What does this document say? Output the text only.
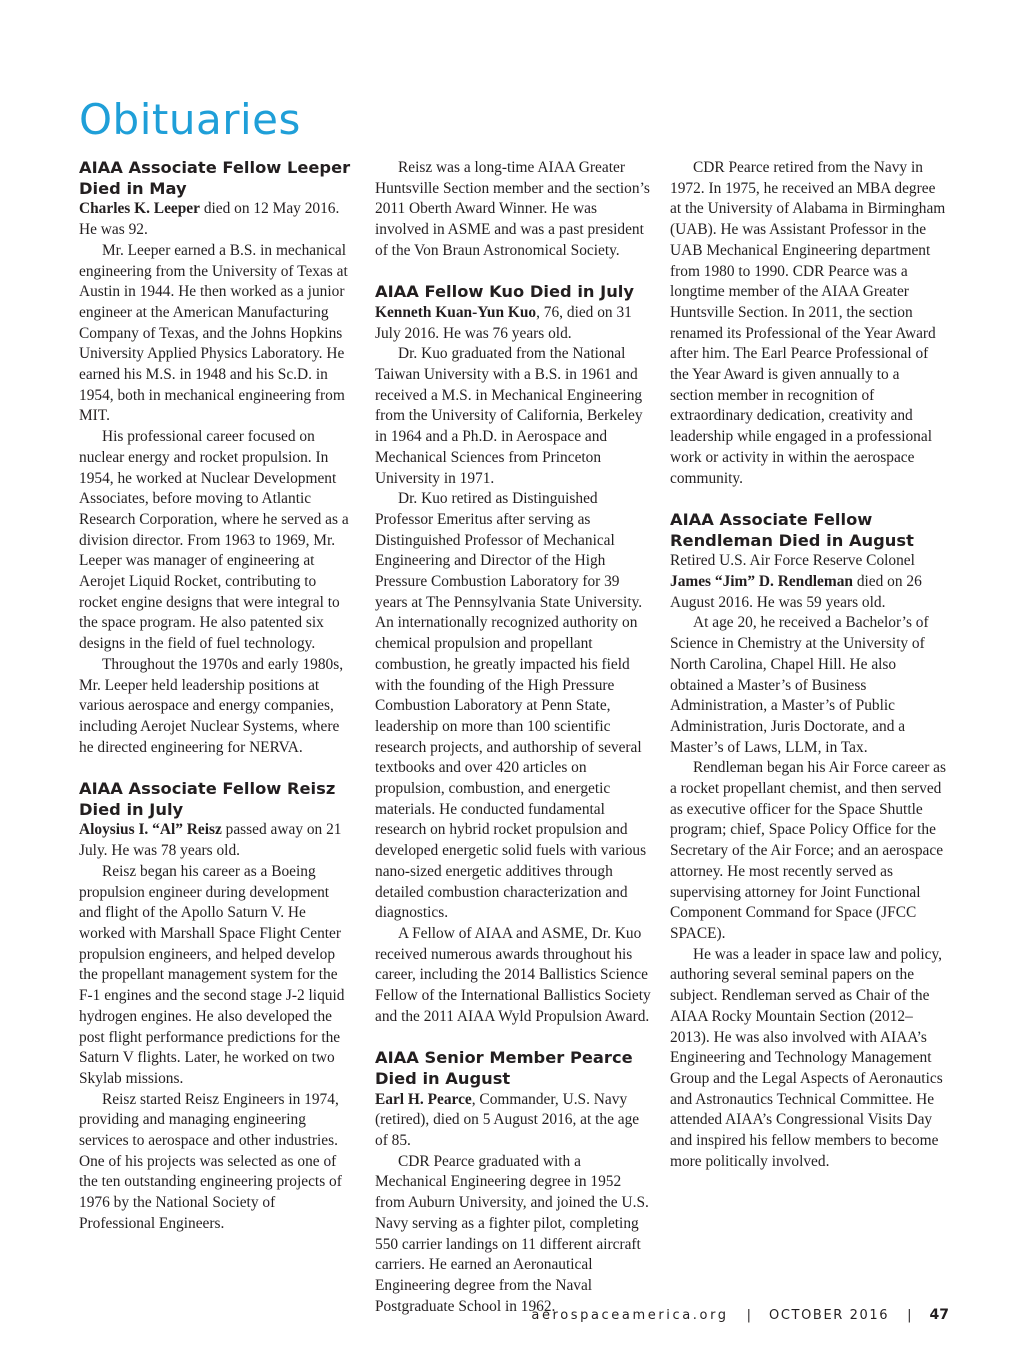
Obituaries
AIAA Associate Fellow Leeper Died in May

Charles K. Leeper died on 12 May 2016. He was 92.

Mr. Leeper earned a B.S. in mechanical engineering from the University of Texas at Austin in 1944. He then worked as a junior engineer at the American Manufacturing Company of Texas, and the Johns Hopkins University Applied Physics Laboratory. He earned his M.S. in 1948 and his Sc.D. in 1954, both in mechanical engineering from MIT.

His professional career focused on nuclear energy and rocket propulsion. In 1954, he worked at Nuclear Development Associates, before moving to Atlantic Research Corporation, where he served as a division director. From 1963 to 1969, Mr. Leeper was manager of engineering at Aerojet Liquid Rocket, contributing to rocket engine designs that were integral to the space program. He also patented six designs in the field of fuel technology.

Throughout the 1970s and early 1980s, Mr. Leeper held leadership positions at various aerospace and energy companies, including Aerojet Nuclear Systems, where he directed engineering for NERVA.

AIAA Associate Fellow Reisz Died in July

Aloysius I. “Al” Reisz passed away on 21 July. He was 78 years old.

Reisz began his career as a Boeing propulsion engineer during development and flight of the Apollo Saturn V. He worked with Marshall Space Flight Center propulsion engineers, and helped develop the propellant management system for the F-1 engines and the second stage J-2 liquid hydrogen engines. He also developed the post flight performance predictions for the Saturn V flights. Later, he worked on two Skylab missions.

Reisz started Reisz Engineers in 1974, providing and managing engineering services to aerospace and other industries. One of his projects was selected as one of the ten outstanding engineering projects of 1976 by the National Society of Professional Engineers.

Reisz was a long-time AIAA Greater Huntsville Section member and the section’s 2011 Oberth Award Winner. He was involved in ASME and was a past president of the Von Braun Astronomical Society.

AIAA Fellow Kuo Died in July

Kenneth Kuan-Yun Kuo, 76, died on 31 July 2016. He was 76 years old.

Dr. Kuo graduated from the National Taiwan University with a B.S. in 1961 and received a M.S. in Mechanical Engineering from the University of California, Berkeley in 1964 and a Ph.D. in Aerospace and Mechanical Sciences from Princeton University in 1971.

Dr. Kuo retired as Distinguished Professor Emeritus after serving as Distinguished Professor of Mechanical Engineering and Director of the High Pressure Combustion Laboratory for 39 years at The Pennsylvania State University. An internationally recognized authority on chemical propulsion and propellant combustion, he greatly impacted his field with the founding of the High Pressure Combustion Laboratory at Penn State, leadership on more than 100 scientific research projects, and authorship of several textbooks and over 420 articles on propulsion, combustion, and energetic materials. He conducted fundamental research on hybrid rocket propulsion and developed energetic solid fuels with various nano-sized energetic additives through detailed combustion characterization and diagnostics.

A Fellow of AIAA and ASME, Dr. Kuo received numerous awards throughout his career, including the 2014 Ballistics Science Fellow of the International Ballistics Society and the 2011 AIAA Wyld Propulsion Award.

AIAA Senior Member Pearce Died in August

Earl H. Pearce, Commander, U.S. Navy (retired), died on 5 August 2016, at the age of 85.

CDR Pearce graduated with a Mechanical Engineering degree in 1952 from Auburn University, and joined the U.S. Navy serving as a fighter pilot, completing 550 carrier landings on 11 different aircraft carriers. He earned an Aeronautical Engineering degree from the Naval Postgraduate School in 1962.

CDR Pearce retired from the Navy in 1972. In 1975, he received an MBA degree at the University of Alabama in Birmingham (UAB). He was Assistant Professor in the UAB Mechanical Engineering department from 1980 to 1990. CDR Pearce was a longtime member of the AIAA Greater Huntsville Section. In 2011, the section renamed its Professional of the Year Award after him. The Earl Pearce Professional of the Year Award is given annually to a section member in recognition of extraordinary dedication, creativity and leadership while engaged in a professional work or activity in within the aerospace community.

AIAA Associate Fellow Rendleman Died in August

Retired U.S. Air Force Reserve Colonel James “Jim” D. Rendleman died on 26 August 2016. He was 59 years old.

At age 20, he received a Bachelor’s of Science in Chemistry at the University of North Carolina, Chapel Hill. He also obtained a Master’s of Business Administration, a Master’s of Public Administration, Juris Doctorate, and a Master’s of Laws, LLM, in Tax.

Rendleman began his Air Force career as a rocket propellant chemist, and then served as executive officer for the Space Shuttle program; chief, Space Policy Office for the Secretary of the Air Force; and an aerospace attorney. He most recently served as supervising attorney for Joint Functional Component Command for Space (JFCC SPACE).

He was a leader in space law and policy, authoring several seminal papers on the subject. Rendleman served as Chair of the AIAA Rocky Mountain Section (2012–2013). He was also involved with AIAA’s Engineering and Technology Management Group and the Legal Aspects of Aeronautics and Astronautics Technical Committee. He attended AIAA’s Congressional Visits Day and inspired his fellow members to become more politically involved.

aerospaceamerica.org | OCTOBER 2016 | 47
